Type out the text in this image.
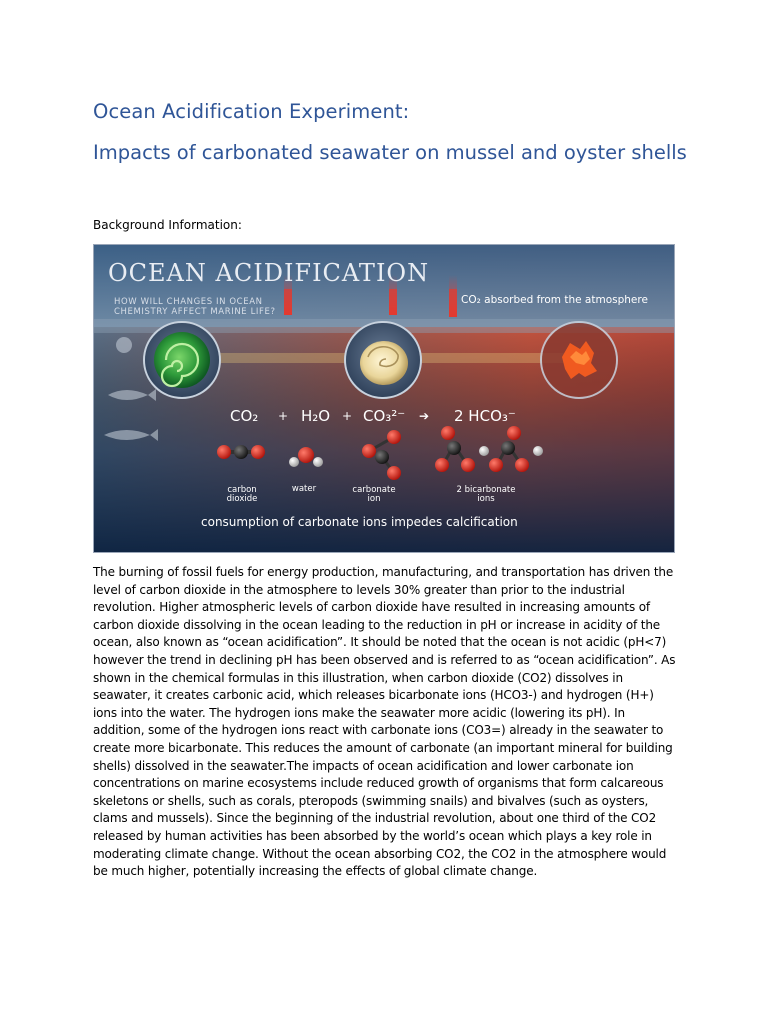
Ocean Acidification Experiment:
Impacts of carbonated seawater on mussel and oyster shells
Background Information:
OCEAN ACIDIFICATION
HOW WILL CHANGES IN OCEAN
CHEMISTRY AFFECT MARINE LIFE?
CO₂ absorbed from the atmosphere
CO₂ + H₂O + CO₃²⁻ ➔ 2 HCO₃⁻
carbon
dioxide
water	carbonate
ion
2 bicarbonate
ions
consumption of carbonate ions impedes calcification

The burning of fossil fuels for energy production, manufacturing, and transportation has driven the level of carbon dioxide in the atmosphere to levels 30% greater than prior to the industrial revolution. Higher atmospheric levels of carbon dioxide have resulted in increasing amounts of carbon dioxide dissolving in the ocean leading to the reduction in pH or increase in acidity of the ocean, also known as “ocean acidification”. It should be noted that the ocean is not acidic (pH<7) however the trend in declining pH has been observed and is referred to as “ocean acidification”. As shown in the chemical formulas in this illustration, when carbon dioxide (CO2) dissolves in seawater, it creates carbonic acid, which releases bicarbonate ions (HCO3-) and hydrogen (H+) ions into the water. The hydrogen ions make the seawater more acidic (lowering its pH). In addition, some of the hydrogen ions react with carbonate ions (CO3=) already in the seawater to create more bicarbonate. This reduces the amount of carbonate (an important mineral for building shells) dissolved in the seawater.The impacts of ocean acidification and lower carbonate ion concentrations on marine ecosystems include reduced growth of organisms that form calcareous skeletons or shells, such as corals, pteropods (swimming snails) and bivalves (such as oysters, clams and mussels). Since the beginning of the industrial revolution, about one third of the CO2 released by human activities has been absorbed by the world’s ocean which plays a key role in moderating climate change. Without the ocean absorbing CO2, the CO2 in the atmosphere would be much higher, potentially increasing the effects of global climate change.
